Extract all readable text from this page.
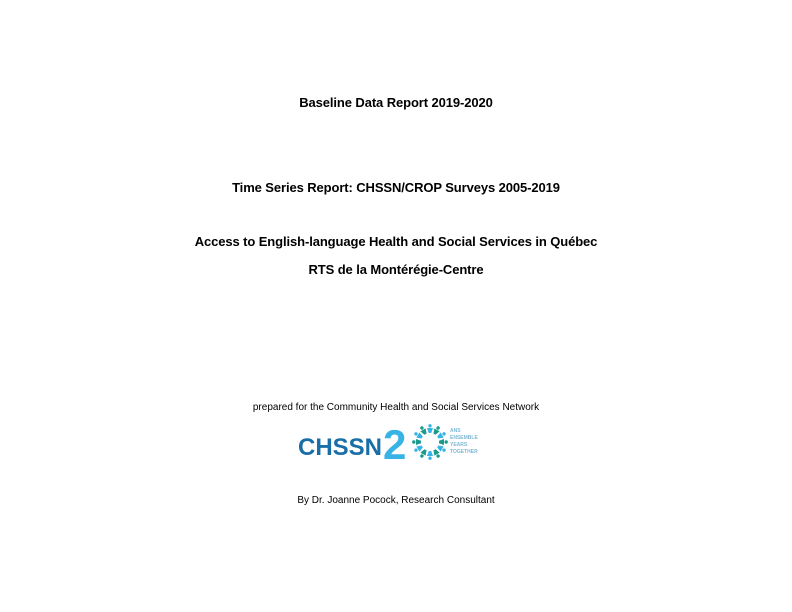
Baseline Data Report 2019-2020
Time Series Report: CHSSN/CROP Surveys 2005-2019
Access to English-language Health and Social Services in Québec
RTS de la Montérégie-Centre
prepared for the Community Health and Social Services Network
CHSSN 2	ANS
ENSEMBLE
YEARS
TOGETHER
By Dr. Joanne Pocock, Research Consultant
